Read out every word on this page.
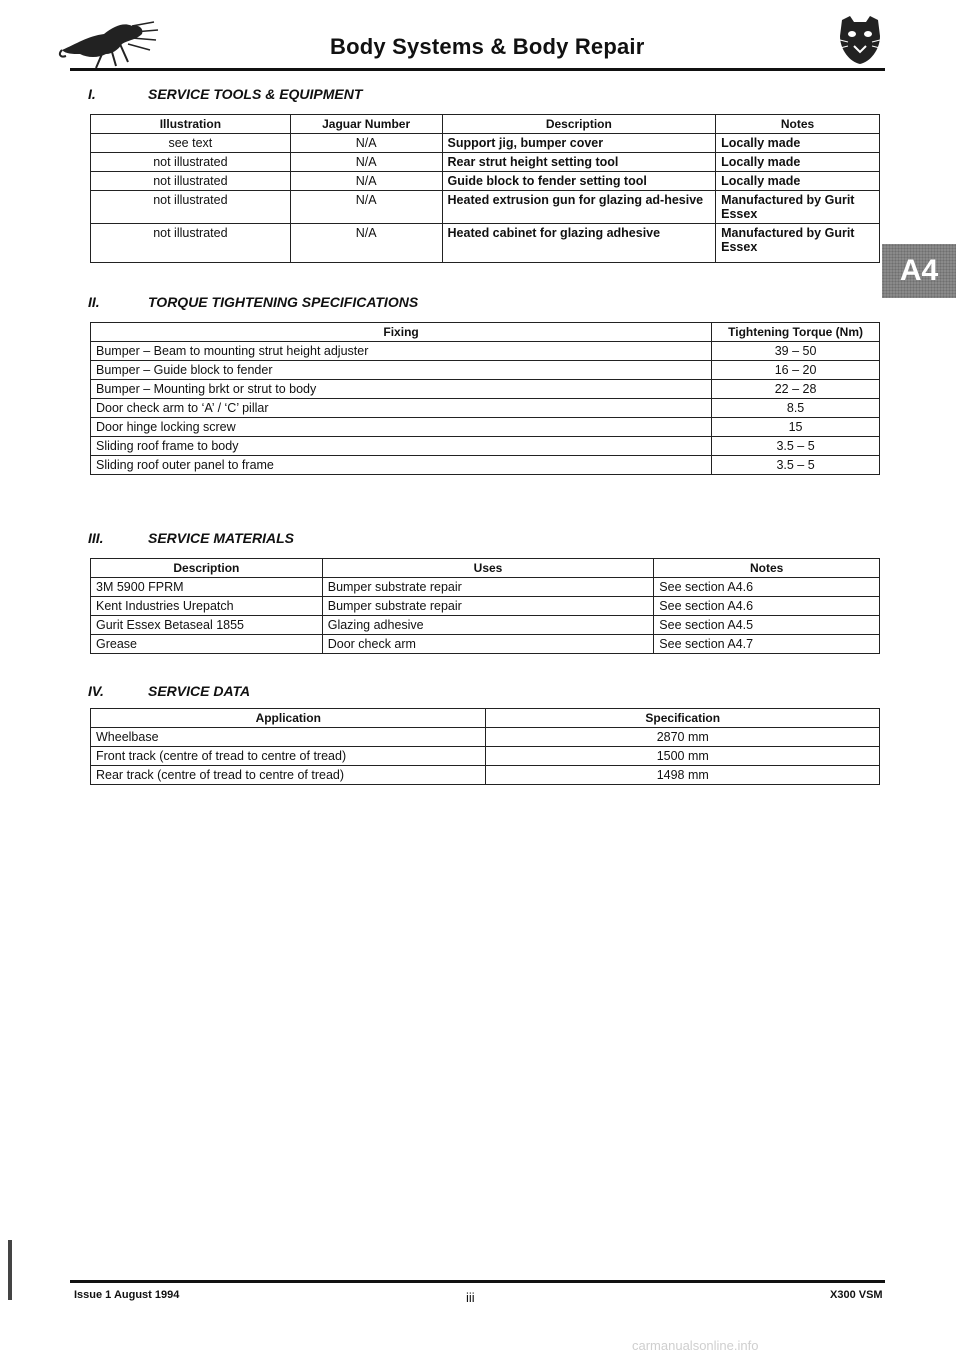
Body Systems & Body Repair
I.	SERVICE TOOLS & EQUIPMENT
Illustration	Jaguar Number	Description	Notes
see text	N/A	Support jig, bumper cover	Locally made
not illustrated	N/A	Rear strut height setting tool	Locally made
not illustrated	N/A	Guide block to fender setting tool	Locally made
not illustrated	N/A	Heated extrusion gun for glazing ad-hesive	Manufactured by Gurit Essex
not illustrated	N/A	Heated cabinet for glazing adhesive	Manufactured by Gurit Essex
A4
II.	TORQUE TIGHTENING SPECIFICATIONS
Fixing	Tightening Torque (Nm)
Bumper – Beam to mounting strut height adjuster	39 – 50
Bumper – Guide block to fender	16 – 20
Bumper – Mounting brkt or strut to body	22 – 28
Door check arm to ‘A’ / ‘C’ pillar	8.5
Door hinge locking screw	15
Sliding roof frame to body	3.5 – 5
Sliding roof outer panel to frame	3.5 – 5
III.	SERVICE MATERIALS
Description	Uses	Notes
3M 5900 FPRM	Bumper substrate repair	See section A4.6
Kent Industries Urepatch	Bumper substrate repair	See section A4.6
Gurit Essex Betaseal 1855	Glazing adhesive	See section A4.5
Grease	Door check arm	See section A4.7
IV.	SERVICE DATA
Application	Specification
Wheelbase	2870 mm
Front track (centre of tread to centre of tread)	1500 mm
Rear track (centre of tread to centre of tread)	1498 mm
Issue 1 August 1994	iii	X300 VSM
carmanualsonline.info
